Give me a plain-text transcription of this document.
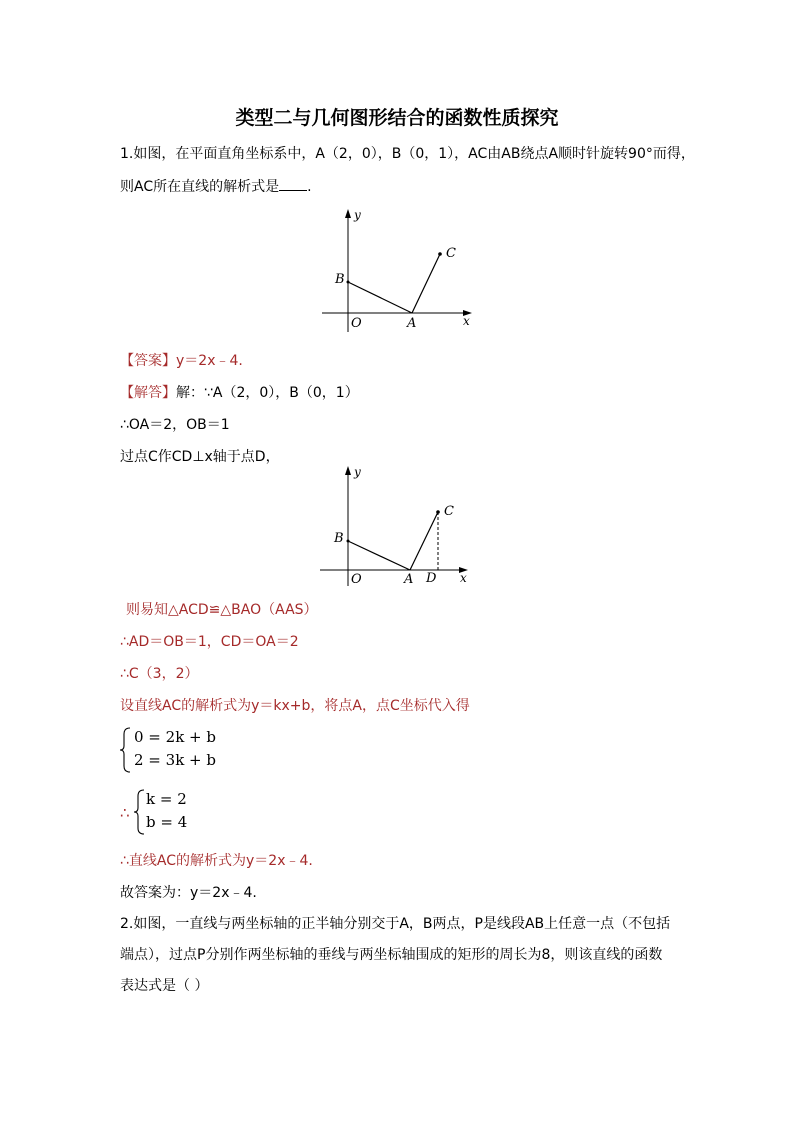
类型二与几何图形结合的函数性质探究
1.如图，在平面直角坐标系中，A（2，0），B（0，1），AC由AB绕点A顺时针旋转90°而得，
则AC所在直线的解析式是 .
y
x
O	A
B
C
【答案】y＝2x﹣4.
【解答】解：∵A（2，0），B（0，1）
∴OA＝2，OB＝1
过点C作CD⊥x轴于点D，
y
x
O	A
B
C
D
则易知△ACD≌△BAO（AAS）
∴AD＝OB＝1，CD＝OA＝2
∴C（3，2）
设直线AC的解析式为y＝kx+b，将点A，点C坐标代入得
0 = 2k + b
2 = 3k + b
∴
k = 2
b = 4
∴直线AC的解析式为y＝2x﹣4.
故答案为：y＝2x﹣4.
2.如图，一直线与两坐标轴的正半轴分别交于A，B两点，P是线段AB上任意一点（不包括
端点），过点P分别作两坐标轴的垂线与两坐标轴围成的矩形的周长为8，则该直线的函数
表达式是（ ）
